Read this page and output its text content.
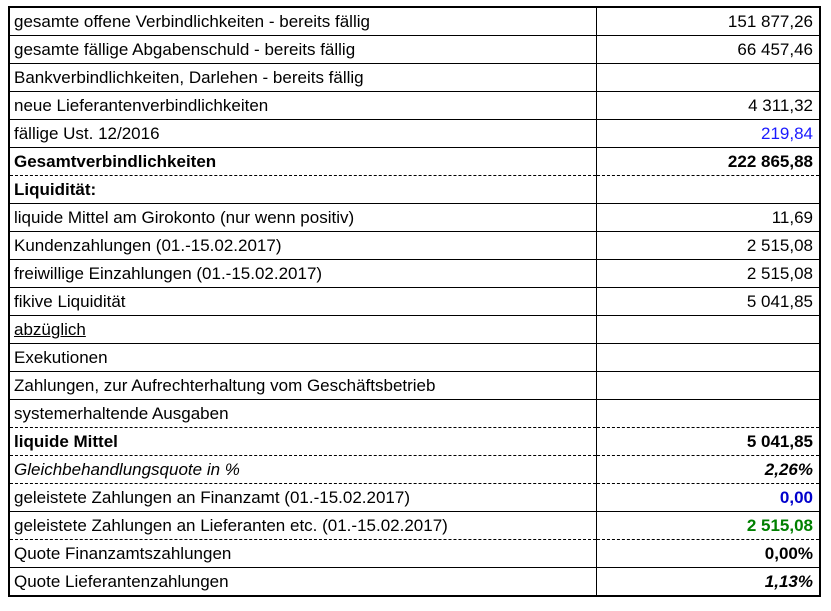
gesamte offene Verbindlichkeiten - bereits fällig	151 877,26
gesamte fällige Abgabenschuld - bereits fällig	66 457,46
Bankverbindlichkeiten, Darlehen - bereits fällig	
neue Lieferantenverbindlichkeiten	4 311,32
fällige Ust. 12/2016	219,84
Gesamtverbindlichkeiten	222 865,88
Liquidität:	
liquide Mittel am Girokonto (nur wenn positiv)	11,69
Kundenzahlungen (01.-15.02.2017)	2 515,08
freiwillige Einzahlungen (01.-15.02.2017)	2 515,08
fikive Liquidität	5 041,85
abzüglich	
Exekutionen	
Zahlungen, zur Aufrechterhaltung vom Geschäftsbetrieb	
systemerhaltende Ausgaben	
liquide Mittel	5 041,85
Gleichbehandlungsquote in %	2,26%
geleistete Zahlungen an Finanzamt (01.-15.02.2017)	0,00
geleistete Zahlungen an Lieferanten etc. (01.-15.02.2017)	2 515,08
Quote Finanzamtszahlungen	0,00%
Quote Lieferantenzahlungen	1,13%
